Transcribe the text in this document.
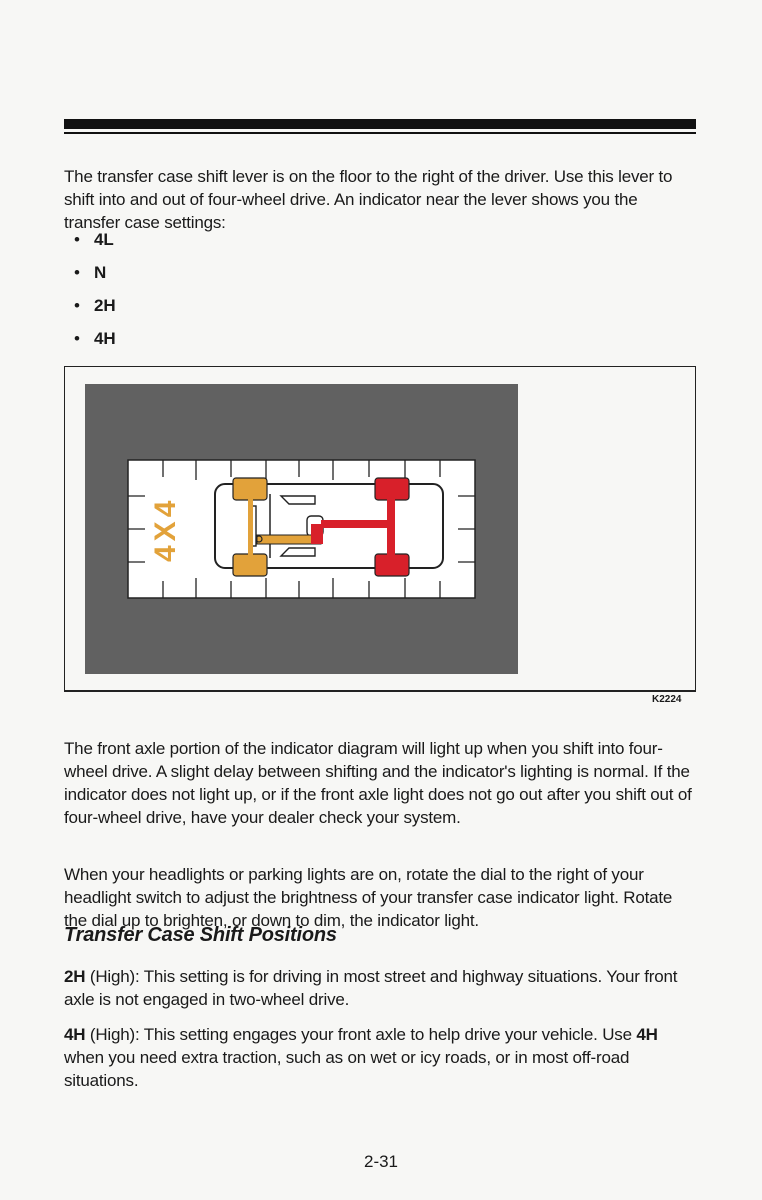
The transfer case shift lever is on the floor to the right of the driver. Use this lever to shift into and out of four-wheel drive. An indicator near the lever shows you the transfer case settings:

• 4L
• N
• 2H
• 4H
4X4
K2224

The front axle portion of the indicator diagram will light up when you shift into four-wheel drive. A slight delay between shifting and the indicator's lighting is normal. If the indicator does not light up, or if the front axle light does not go out after you shift out of four-wheel drive, have your dealer check your system.

When your headlights or parking lights are on, rotate the dial to the right of your headlight switch to adjust the brightness of your transfer case indicator light. Rotate the dial up to brighten, or down to dim, the indicator light.

Transfer Case Shift Positions

2H (High): This setting is for driving in most street and highway situations. Your front axle is not engaged in two-wheel drive.

4H (High): This setting engages your front axle to help drive your vehicle. Use 4H when you need extra traction, such as on wet or icy roads, or in most off-road situations.

2-31
